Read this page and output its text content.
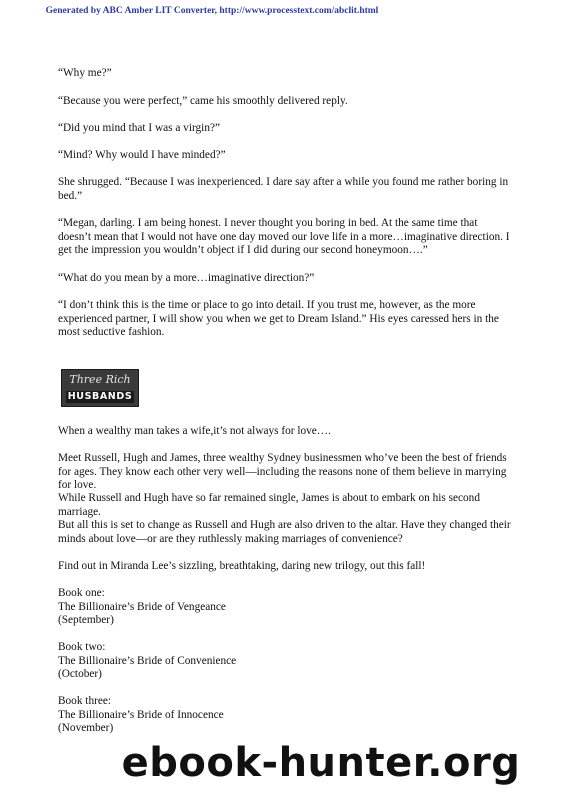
Generated by ABC Amber LIT Converter, http://www.processtext.com/abclit.html

“Why me?”

“Because you were perfect,” came his smoothly delivered reply.

“Did you mind that I was a virgin?”

“Mind? Why would I have minded?”

She shrugged. “Because I was inexperienced. I dare say after a while you found me rather boring in bed.”

“Megan, darling. I am being honest. I never thought you boring in bed. At the same time that doesn’t mean that I would not have one day moved our love life in a more…imaginative direction. I get the impression you wouldn’t object if I did during our second honeymoon….”

“What do you mean by a more…imaginative direction?”

“I don’t think this is the time or place to go into detail. If you trust me, however, as the more experienced partner, I will show you when we get to Dream Island.” His eyes caressed hers in the most seductive fashion.

Three Rich
HUSBANDS

When a wealthy man takes a wife,it’s not always for love….

Meet Russell, Hugh and James, three wealthy Sydney businessmen who’ve been the best of friends for ages. They know each other very well—including the reasons none of them believe in marrying for love.

While Russell and Hugh have so far remained single, James is about to embark on his second marriage.

But all this is set to change as Russell and Hugh are also driven to the altar. Have they changed their minds about love—or are they ruthlessly making marriages of convenience?

Find out in Miranda Lee’s sizzling, breathtaking, daring new trilogy, out this fall!

Book one:
The Billionaire’s Bride of Vengeance
(September)
Book two:
The Billionaire’s Bride of Convenience
(October)
Book three:
The Billionaire’s Bride of Innocence
(November)
ebook-hunter.org
